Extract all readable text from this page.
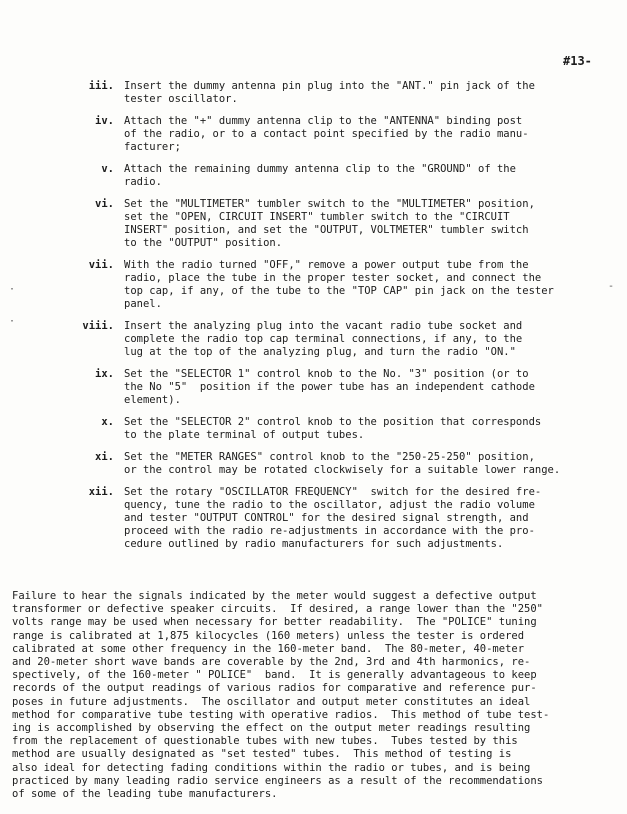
#13-
iii. Insert the dummy antenna pin plug into the "ANT." pin jack of the
tester oscillator.
iv. Attach the "+" dummy antenna clip to the "ANTENNA" binding post
of the radio, or to a contact point specified by the radio manu-
facturer;
v. Attach the remaining dummy antenna clip to the "GROUND" of the
radio.
vi. Set the "MULTIMETER" tumbler switch to the "MULTIMETER" position,
set the "OPEN, CIRCUIT INSERT" tumbler switch to the "CIRCUIT
INSERT" position, and set the "OUTPUT, VOLTMETER" tumbler switch
to the "OUTPUT" position.
vii. With the radio turned "OFF," remove a power output tube from the
radio, place the tube in the proper tester socket, and connect the
top cap, if any, of the tube to the "TOP CAP" pin jack on the tester
panel.
viii. Insert the analyzing plug into the vacant radio tube socket and
complete the radio top cap terminal connections, if any, to the
lug at the top of the analyzing plug, and turn the radio "ON."
ix. Set the "SELECTOR 1" control knob to the No. "3" position (or to
the No "5"  position if the power tube has an independent cathode
element).
x. Set the "SELECTOR 2" control knob to the position that corresponds
to the plate terminal of output tubes.
xi. Set the "METER RANGES" control knob to the "250-25-250" position,
or the control may be rotated clockwisely for a suitable lower range.
xii. Set the rotary "OSCILLATOR FREQUENCY"  switch for the desired fre-
quency, tune the radio to the oscillator, adjust the radio volume
and tester "OUTPUT CONTROL" for the desired signal strength, and
proceed with the radio re-adjustments in accordance with the pro-
cedure outlined by radio manufacturers for such adjustments.
Failure to hear the signals indicated by the meter would suggest a defective output
transformer or defective speaker circuits.  If desired, a range lower than the "250"
volts range may be used when necessary for better readability.  The "POLICE" tuning
range is calibrated at 1,875 kilocycles (160 meters) unless the tester is ordered
calibrated at some other frequency in the 160-meter band.  The 80-meter, 40-meter
and 20-meter short wave bands are coverable by the 2nd, 3rd and 4th harmonics, re-
spectively, of the 160-meter " POLICE"  band.  It is generally advantageous to keep
records of the output readings of various radios for comparative and reference pur-
poses in future adjustments.  The oscillator and output meter constitutes an ideal
method for comparative tube testing with operative radios.  This method of tube test-
ing is accomplished by observing the effect on the output meter readings resulting
from the replacement of questionable tubes with new tubes.  Tubes tested by this
method are usually designated as "set tested" tubes.  This method of testing is
also ideal for detecting fading conditions within the radio or tubes, and is being
practiced by many leading radio service engineers as a result of the recommendations
of some of the leading tube manufacturers.
·
·
-
